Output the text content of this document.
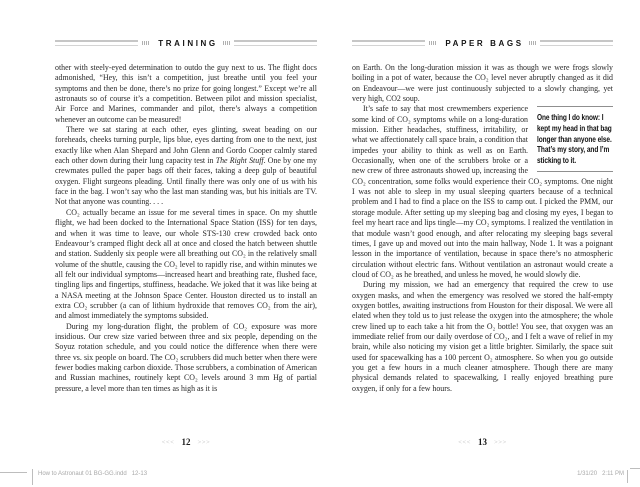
TRAINING

other with steely-eyed determination to outdo the guy next to us. The flight docs admonished, “Hey, this isn’t a competition, just breathe until you feel your symptoms and then be done, there’s no prize for going longest.” Except we’re all astronauts so of course it’s a competition. Between pilot and mission specialist, Air Force and Marines, commander and pilot, there’s always a competition whenever an outcome can be measured!

There we sat staring at each other, eyes glinting, sweat beading on our foreheads, cheeks turning purple, lips blue, eyes darting from one to the next, just exactly like when Alan Shepard and John Glenn and Gordo Cooper calmly stared each other down during their lung capacity test in The Right Stuff. One by one my crewmates pulled the paper bags off their faces, taking a deep gulp of beautiful oxygen. Flight surgeons pleading. Until finally there was only one of us with his face in the bag. I won’t say who the last man standing was, but his initials are TV. Not that anyone was counting. . . .

CO₂ actually became an issue for me several times in space. On my shuttle flight, we had been docked to the International Space Station (ISS) for ten days, and when it was time to leave, our whole STS-130 crew crowded back onto Endeavour’s cramped flight deck all at once and closed the hatch between shuttle and station. Suddenly six people were all breathing out CO₂ in the relatively small volume of the shuttle, causing the CO₂ level to rapidly rise, and within minutes we all felt our individual symptoms—increased heart and breathing rate, flushed face, tingling lips and fingertips, stuffiness, headache. We joked that it was like being at a NASA meeting at the Johnson Space Center. Houston directed us to install an extra CO₂ scrubber (a can of lithium hydroxide that removes CO₂ from the air), and almost immediately the symptoms subsided.

During my long-duration flight, the problem of CO₂ exposure was more insidious. Our crew size varied between three and six people, depending on the Soyuz rotation schedule, and you could notice the difference when there were three vs. six people on board. The CO₂ scrubbers did much better when there were fewer bodies making carbon dioxide. Those scrubbers, a combination of American and Russian machines, routinely kept CO₂ levels around 3 mm Hg of partial pressure, a level more than ten times as high as it is

<<< 12 >>>
PAPER BAGS

on Earth. On the long-duration mission it was as though we were frogs slowly boiling in a pot of water, because the CO₂ level never abruptly changed as it did on Endeavour—we were just continuously subjected to a slowly changing, yet very high, CO2 soup.

One thing I do know: I kept my head in that bag longer than anyone else. That’s my story, and I’m sticking to it.
It’s safe to say that most crewmembers experience some kind of CO₂ symptoms while on a long-duration mission. Either headaches, stuffiness, irritability, or what we affectionately call space brain, a condition that impedes your ability to think as well as on Earth. Occasionally, when one of the scrubbers broke or a new crew of three astronauts showed up, increasing the CO₂ concentration, some folks would experience their CO₂ symptoms. One night I was not able to sleep in my usual sleeping quarters because of a technical problem and I had to find a place on the ISS to camp out. I picked the PMM, our storage module. After setting up my sleeping bag and closing my eyes, I began to feel my heart race and lips tingle—my CO₂ symptoms. I realized the ventilation in that module wasn’t good enough, and after relocating my sleeping bags several times, I gave up and moved out into the main hallway, Node 1. It was a poignant lesson in the importance of ventilation, because in space there’s no atmospheric circulation without electric fans. Without ventilation an astronaut would create a cloud of CO₂ as he breathed, and unless he moved, he would slowly die.

During my mission, we had an emergency that required the crew to use oxygen masks, and when the emergency was resolved we stored the half-empty oxygen bottles, awaiting instructions from Houston for their disposal. We were all elated when they told us to just release the oxygen into the atmosphere; the whole crew lined up to each take a hit from the O₂ bottle! You see, that oxygen was an immediate relief from our daily overdose of CO₂, and I felt a wave of relief in my brain, while also noticing my vision get a little brighter. Similarly, the space suit used for spacewalking has a 100 percent O₂ atmosphere. So when you go outside you get a few hours in a much cleaner atmosphere. Though there are many physical demands related to spacewalking, I really enjoyed breathing pure oxygen, if only for a few hours.

<<< 13 >>>
How to Astronaut 01 BG-GG.indd   12-13	1/31/20   2:11 PM
